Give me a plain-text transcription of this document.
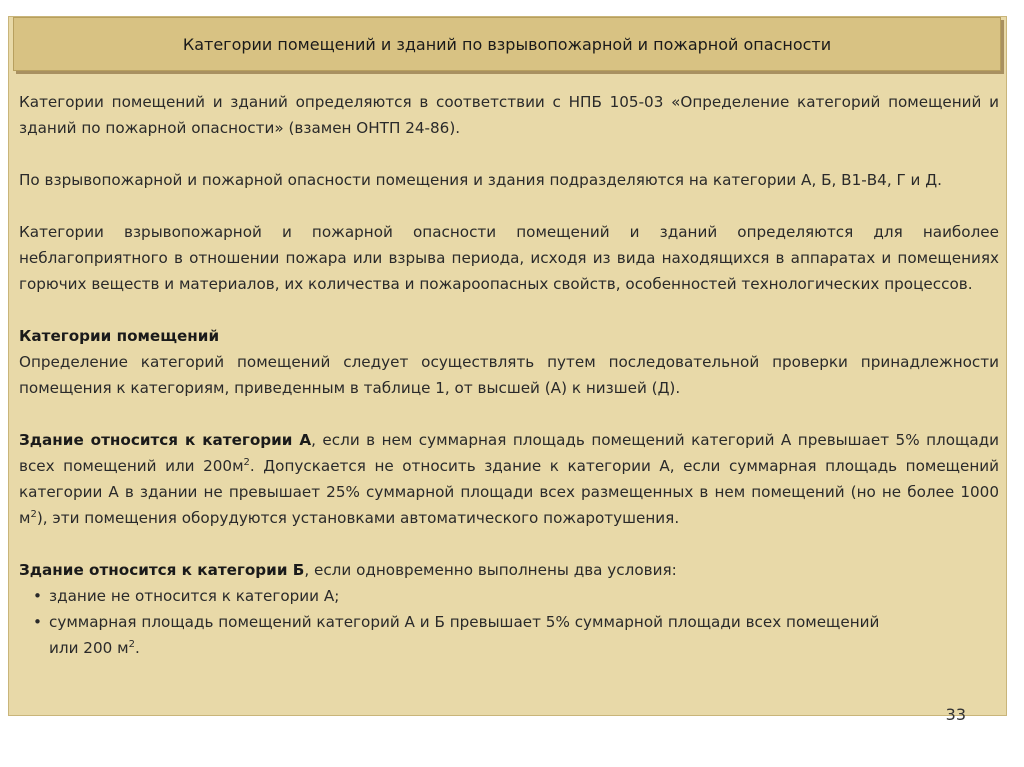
Категории помещений и зданий по взрывопожарной и пожарной опасности

Категории помещений и зданий определяются в соответствии с НПБ 105-03 «Определение категорий помещений и зданий по пожарной опасности» (взамен ОНТП 24-86).

По взрывопожарной и пожарной опасности помещения и здания подразделяются на категории А, Б, В1-В4, Г и Д.

Категории взрывопожарной и пожарной опасности помещений и зданий определяются для наиболее неблагоприятного в отношении пожара или взрыва периода, исходя из вида находящихся в аппаратах и помещениях горючих веществ и материалов, их количества и пожароопасных свойств, особенностей технологических процессов.

Категории помещений
Определение категорий помещений следует осуществлять путем последовательной проверки принадлежности помещения к категориям, приведенным в таблице 1, от высшей (А) к низшей (Д).

Здание относится к категории А, если в нем суммарная площадь помещений категорий А превышает 5% площади всех помещений или $200м^2$. Допускается не относить здание к категории А, если суммарная площадь помещений категории А в здании не превышает 25% суммарной площади всех размещенных в нем помещений (но не более 1000 $м^2$), эти помещения оборудуются установками автоматического пожаротушения.

Здание относится к категории Б, если одновременно выполнены два условия:
• здание не относится к категории А;
• суммарная площадь помещений категорий А и Б превышает 5% суммарной площади всех помещений
или 200 $м^2$.
33
